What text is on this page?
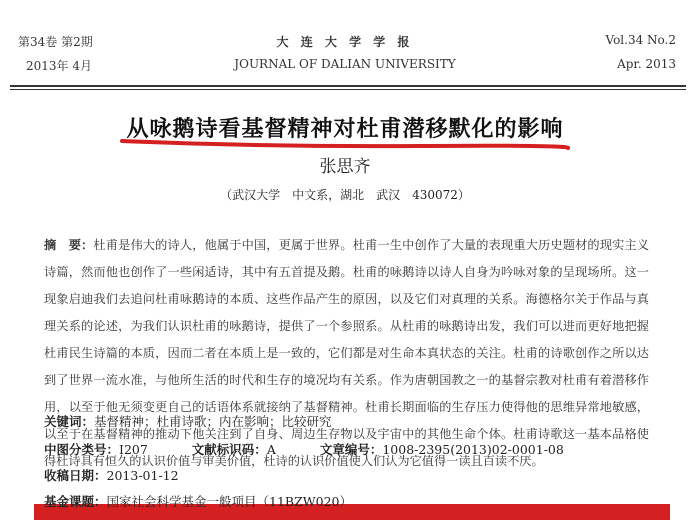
第34卷 第2期
2013年 4月
大 连 大 学 学 报
JOURNAL OF DALIAN UNIVERSITY
Vol.34 No.2
Apr. 2013
从咏鹅诗看基督精神对杜甫潜移默化的影响
张思齐
（武汉大学　中文系，湖北　武汉　430072）
摘　要：杜甫是伟大的诗人，他属于中国，更属于世界。杜甫一生中创作了大量的表现重大历史题材的现实主义诗篇，然而他也创作了一些闲适诗，其中有五首提及鹅。杜甫的咏鹅诗以诗人自身为吟咏对象的呈现场所。这一现象启迪我们去追问杜甫咏鹅诗的本质、这些作品产生的原因，以及它们对真理的关系。海德格尔关于作品与真理关系的论述，为我们认识杜甫的咏鹅诗，提供了一个参照系。从杜甫的咏鹅诗出发，我们可以进而更好地把握杜甫民生诗篇的本质，因而二者在本质上是一致的，它们都是对生命本真状态的关注。杜甫的诗歌创作之所以达到了世界一流水准，与他所生活的时代和生存的境况均有关系。作为唐朝国教之一的基督宗教对杜甫有着潜移作用，以至于他无须变更自己的话语体系就接纳了基督精神。杜甫长期面临的生存压力使得他的思维异常地敏感，以至于在基督精神的推动下他关注到了自身、周边生存物以及宇宙中的其他生命个体。杜甫诗歌这一基本品格使得杜诗具有恒久的认识价值与审美价值，杜诗的认识价值使人们认为它值得一读且百读不厌。
关键词：基督精神；杜甫诗歌；内在影响；比较研究
中图分类号：I207	文献标识码：A	文章编号：1008-2395(2013)02-0001-08
收稿日期：2013-01-12
基金课题：国家社会科学基金一般项目（11BZW020）
